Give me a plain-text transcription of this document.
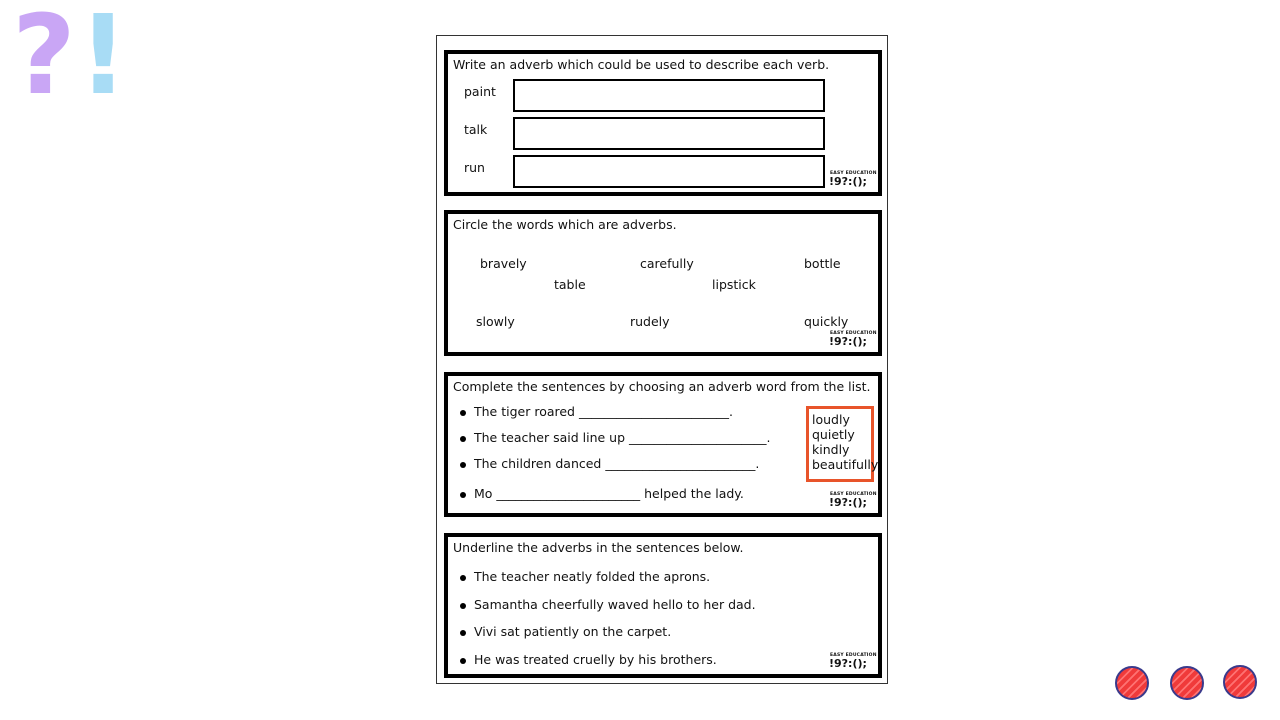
? !	Write an adverb which could be used to describe each verb.
paint
talk
run	EASY EDUCATION
!9?:();
Circle the words which are adverbs.
bravely	carefully	bottle
table	lipstick
slowly	rudely	quickly
EASY EDUCATION
!9?:();
Complete the sentences by choosing an adverb word from the list.
The tiger roared ________________________.
The teacher said line up ______________________.
The children danced ________________________.
Mo _______________________ helped the lady.
loudly
quietly
kindly
beautifully
EASY EDUCATION
!9?:();
Underline the adverbs in the sentences below.
The teacher neatly folded the aprons.
Samantha cheerfully waved hello to her dad.
Vivi sat patiently on the carpet.
He was treated cruelly by his brothers.	EASY EDUCATION
!9?:();
